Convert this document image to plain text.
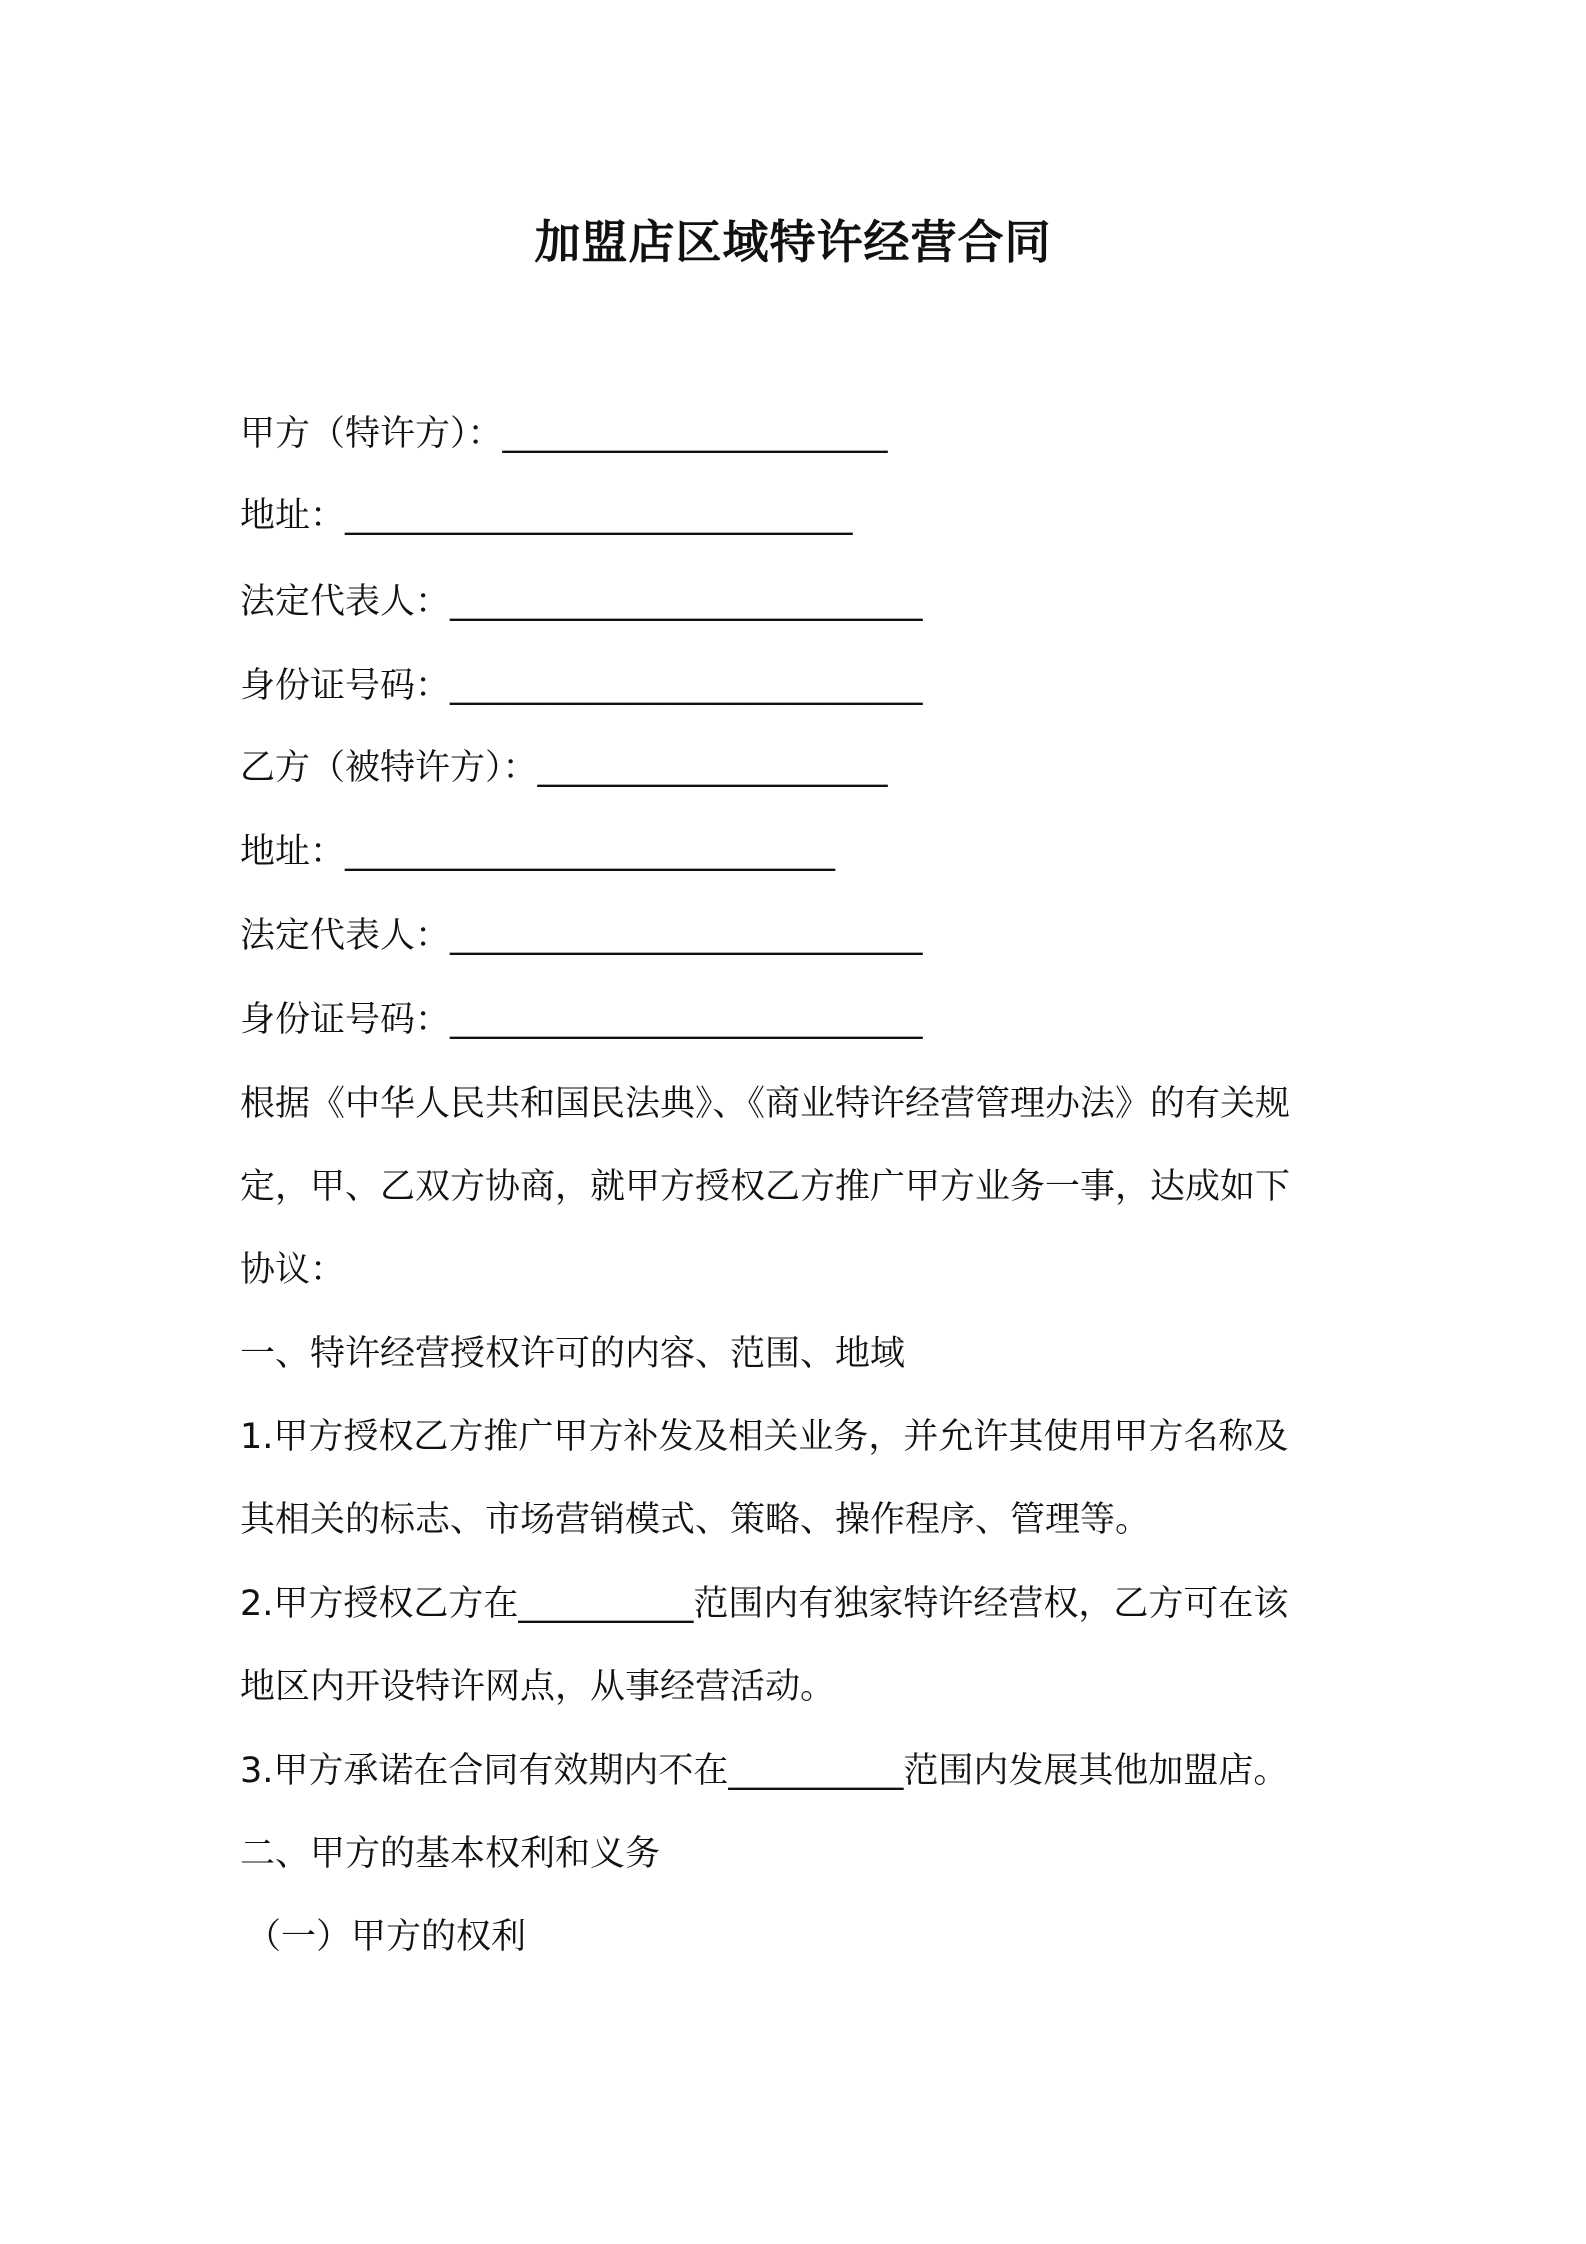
加盟店区域特许经营合同
甲方（特许方）：______________________
地址：_____________________________
法定代表人：___________________________
身份证号码：___________________________
乙方（被特许方）：____________________
地址：____________________________
法定代表人：___________________________
身份证号码：___________________________
根据《中华人民共和国民法典》、《商业特许经营管理办法》的有关规
定，甲、乙双方协商，就甲方授权乙方推广甲方业务一事，达成如下
协议：
一、特许经营授权许可的内容、范围、地域
1.甲方授权乙方推广甲方补发及相关业务，并允许其使用甲方名称及
其相关的标志、市场营销模式、策略、操作程序、管理等。
2.甲方授权乙方在__________范围内有独家特许经营权，乙方可在该
地区内开设特许网点，从事经营活动。
3.甲方承诺在合同有效期内不在__________范围内发展其他加盟店。
二、甲方的基本权利和义务
（一）甲方的权利
